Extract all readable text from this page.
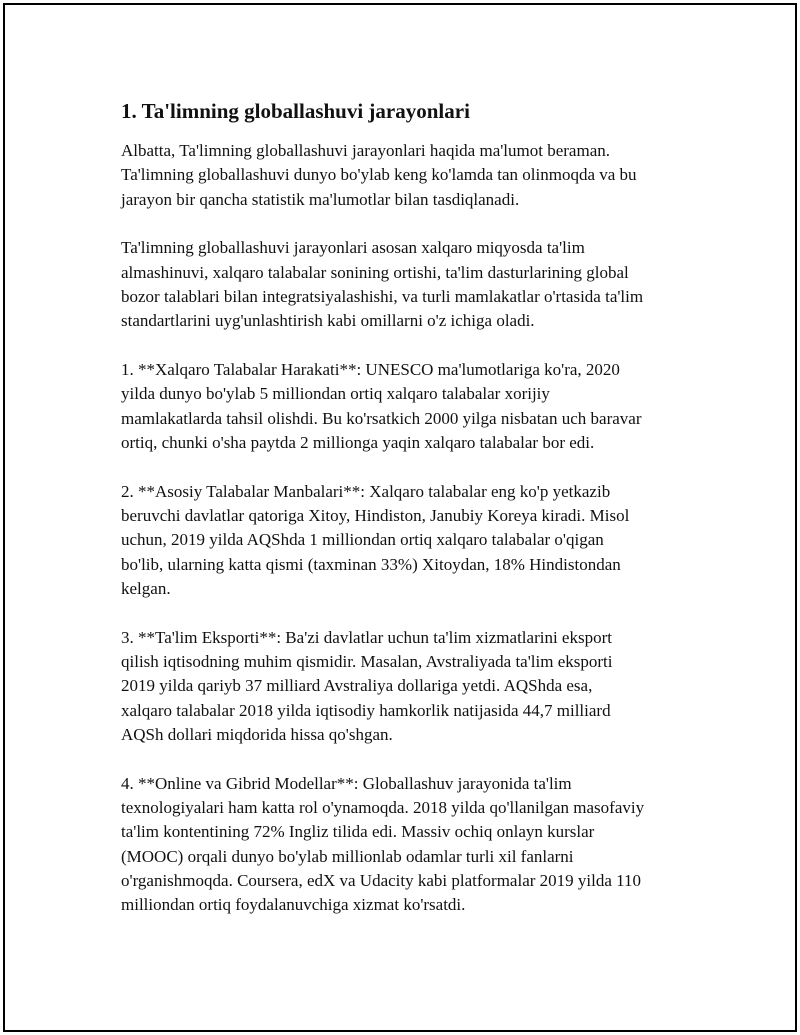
1. Ta'limning globallashuvi jarayonlari

Albatta, Ta'limning globallashuvi jarayonlari haqida ma'lumot beraman.
Ta'limning globallashuvi dunyo bo'ylab keng ko'lamda tan olinmoqda va bu
jarayon bir qancha statistik ma'lumotlar bilan tasdiqlanadi.

Ta'limning globallashuvi jarayonlari asosan xalqaro miqyosda ta'lim
almashinuvi, xalqaro talabalar sonining ortishi, ta'lim dasturlarining global
bozor talablari bilan integratsiyalashishi, va turli mamlakatlar o'rtasida ta'lim
standartlarini uyg'unlashtirish kabi omillarni o'z ichiga oladi.

1. **Xalqaro Talabalar Harakati**: UNESCO ma'lumotlariga ko'ra, 2020
yilda dunyo bo'ylab 5 milliondan ortiq xalqaro talabalar xorijiy
mamlakatlarda tahsil olishdi. Bu ko'rsatkich 2000 yilga nisbatan uch baravar
ortiq, chunki o'sha paytda 2 millionga yaqin xalqaro talabalar bor edi.

2. **Asosiy Talabalar Manbalari**: Xalqaro talabalar eng ko'p yetkazib
beruvchi davlatlar qatoriga Xitoy, Hindiston, Janubiy Koreya kiradi. Misol
uchun, 2019 yilda AQShda 1 milliondan ortiq xalqaro talabalar o'qigan
bo'lib, ularning katta qismi (taxminan 33%) Xitoydan, 18% Hindistondan
kelgan.

3. **Ta'lim Eksporti**: Ba'zi davlatlar uchun ta'lim xizmatlarini eksport
qilish iqtisodning muhim qismidir. Masalan, Avstraliyada ta'lim eksporti
2019 yilda qariyb 37 milliard Avstraliya dollariga yetdi. AQShda esa,
xalqaro talabalar 2018 yilda iqtisodiy hamkorlik natijasida 44,7 milliard
AQSh dollari miqdorida hissa qo'shgan.

4. **Online va Gibrid Modellar**: Globallashuv jarayonida ta'lim
texnologiyalari ham katta rol o'ynamoqda. 2018 yilda qo'llanilgan masofaviy
ta'lim kontentining 72% Ingliz tilida edi. Massiv ochiq onlayn kurslar
(MOOC) orqali dunyo bo'ylab millionlab odamlar turli xil fanlarni
o'rganishmoqda. Coursera, edX va Udacity kabi platformalar 2019 yilda 110
milliondan ortiq foydalanuvchiga xizmat ko'rsatdi.
